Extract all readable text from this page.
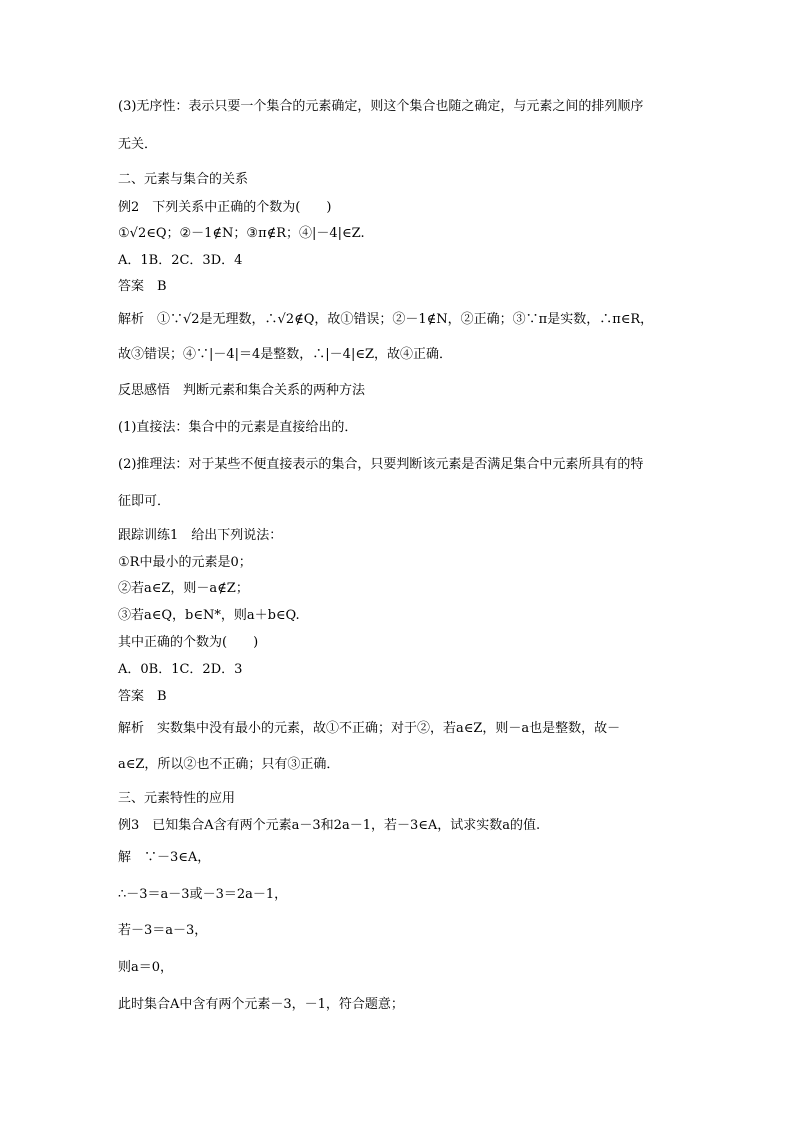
(3)无序性：表示只要一个集合的元素确定，则这个集合也随之确定，与元素之间的排列顺序
无关．
二、元素与集合的关系
例2　下列关系中正确的个数为(　　)
①√2∈Q；②－1∉N；③π∉R；④|－4|∈Z.
A．1B．2C．3D．4
答案　B
解析　①∵√2是无理数，∴√2∉Q，故①错误；②－1∉N，②正确；③∵π是实数，∴π∈R，
故③错误；④∵|－4|＝4是整数，∴|－4|∈Z，故④正确．
反思感悟　判断元素和集合关系的两种方法
(1)直接法：集合中的元素是直接给出的．
(2)推理法：对于某些不便直接表示的集合，只要判断该元素是否满足集合中元素所具有的特
征即可．
跟踪训练1　给出下列说法：
①R中最小的元素是0；
②若a∈Z，则－a∉Z；
③若a∈Q，b∈N*，则a＋b∈Q.
其中正确的个数为(　　)
A．0B．1C．2D．3
答案　B
解析　实数集中没有最小的元素，故①不正确；对于②，若a∈Z，则－a也是整数，故－
a∈Z，所以②也不正确；只有③正确．
三、元素特性的应用
例3　已知集合A含有两个元素a－3和2a－1，若－3∈A，试求实数a的值.
解　∵－3∈A，
∴－3＝a－3或－3＝2a－1，
若－3＝a－3，
则a＝0，
此时集合A中含有两个元素－3，－1，符合题意；
